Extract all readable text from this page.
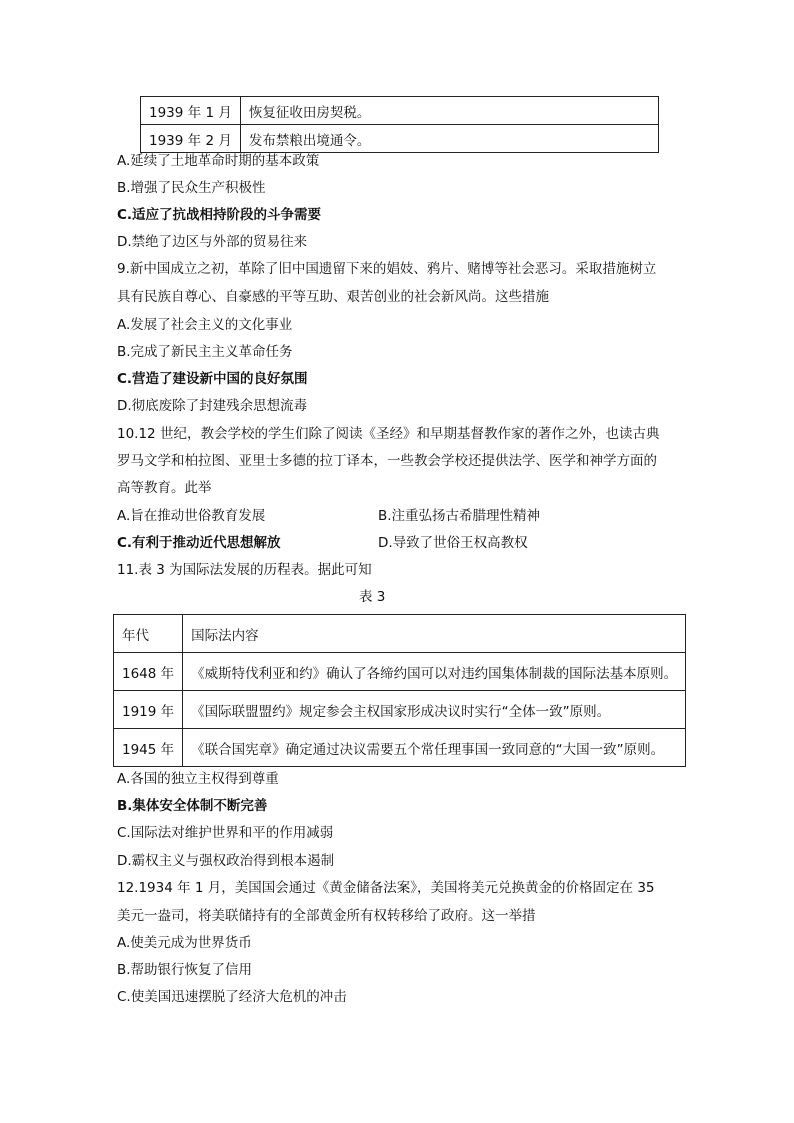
1939 年 1 月	恢复征收田房契税。
1939 年 2 月	发布禁粮出境通令。
A.延续了土地革命时期的基本政策
B.增强了民众生产积极性
C.适应了抗战相持阶段的斗争需要
D.禁绝了边区与外部的贸易往来
9.新中国成立之初，革除了旧中国遗留下来的娼妓、鸦片、赌博等社会恶习。采取措施树立
具有民族自尊心、自豪感的平等互助、艰苦创业的社会新风尚。这些措施
A.发展了社会主义的文化事业
B.完成了新民主主义革命任务
C.营造了建设新中国的良好氛围
D.彻底废除了封建残余思想流毒
10.12 世纪，教会学校的学生们除了阅读《圣经》和早期基督教作家的著作之外，也读古典
罗马文学和柏拉图、亚里士多德的拉丁译本，一些教会学校还提供法学、医学和神学方面的
高等教育。此举
A.旨在推动世俗教育发展	B.注重弘扬古希腊理性精神
C.有利于推动近代思想解放	D.导致了世俗王权高教权
11.表 3 为国际法发展的历程表。据此可知
表 3
年代	国际法内容
1648 年	《威斯特伐利亚和约》确认了各缔约国可以对违约国集体制裁的国际法基本原则。
1919 年	《国际联盟盟约》规定参会主权国家形成决议时实行“全体一致”原则。
1945 年	《联合国宪章》确定通过决议需要五个常任理事国一致同意的“大国一致”原则。
A.各国的独立主权得到尊重
B.集体安全体制不断完善
C.国际法对维护世界和平的作用减弱
D.霸权主义与强权政治得到根本遏制
12.1934 年 1 月，美国国会通过《黄金储备法案》，美国将美元兑换黄金的价格固定在 35
美元一盎司，将美联储持有的全部黄金所有权转移给了政府。这一举措
A.使美元成为世界货币
B.帮助银行恢复了信用
C.使美国迅速摆脱了经济大危机的冲击
